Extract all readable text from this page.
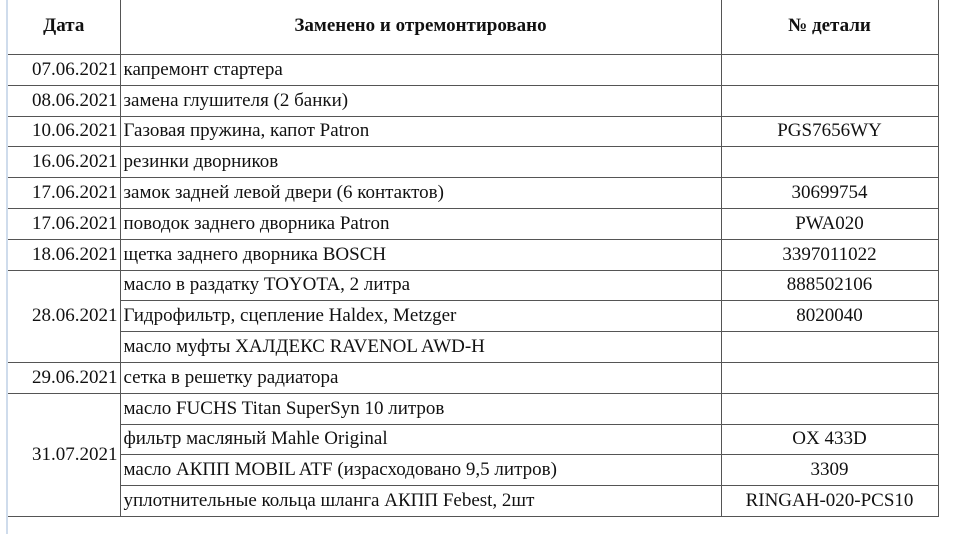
Дата	Заменено и отремонтировано	№ детали
07.06.2021	капремонт стартера	
08.06.2021	замена глушителя (2 банки)	
10.06.2021	Газовая пружина, капот Patron	PGS7656WY
16.06.2021	резинки дворников	
17.06.2021	замок задней левой двери (6 контактов)	30699754
17.06.2021	поводок заднего дворника Patron	PWA020
18.06.2021	щетка заднего дворника BOSCH	3397011022
28.06.2021	масло в раздатку TOYOTA, 2 литра	888502106
	Гидрофильтр, сцепление Haldex, Metzger	8020040
	масло муфты ХАЛДЕКС RAVENOL AWD-H	
29.06.2021	сетка в решетку радиатора	
31.07.2021	масло FUCHS Titan SuperSyn 10 литров	
	фильтр масляный Mahle Original	OX 433D
	масло АКПП MOBIL ATF (израсходовано 9,5 литров)	3309
	уплотнительные кольца шланга АКПП Febest, 2шт	RINGAH-020-PCS10
